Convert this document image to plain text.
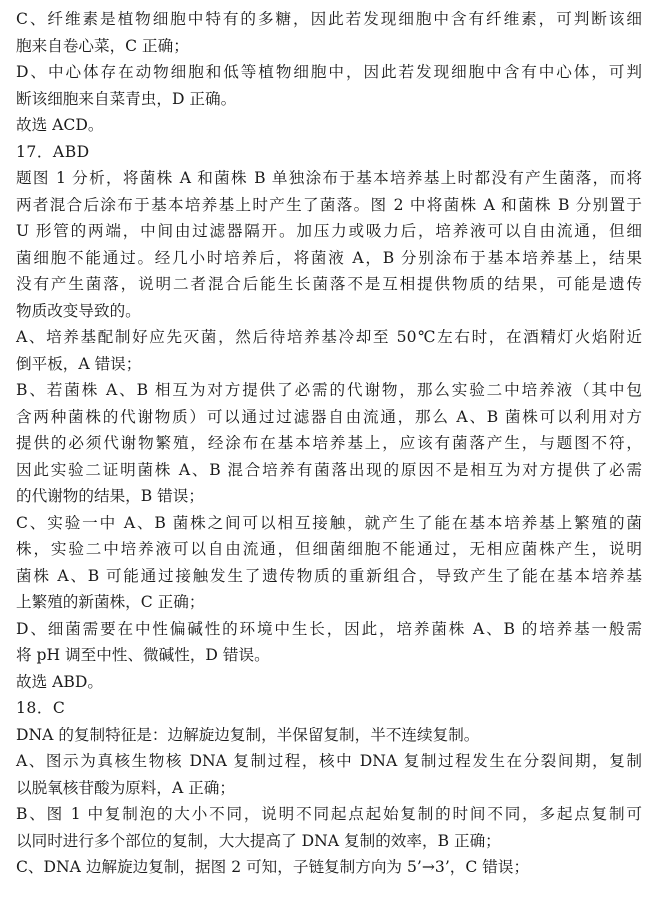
C、纤维素是植物细胞中特有的多糖，因此若发现细胞中含有纤维素，可判断该细
胞来自卷心菜，C 正确；
D、中心体存在动物细胞和低等植物细胞中，因此若发现细胞中含有中心体，可判
断该细胞来自菜青虫，D 正确。
故选 ACD。
17．ABD
题图 1 分析，将菌株 A 和菌株 B 单独涂布于基本培养基上时都没有产生菌落，而将
两者混合后涂布于基本培养基上时产生了菌落。图 2 中将菌株 A 和菌株 B 分别置于
U 形管的两端，中间由过滤器隔开。加压力或吸力后，培养液可以自由流通，但细
菌细胞不能通过。经几小时培养后，将菌液 A，B 分别涂布于基本培养基上，结果
没有产生菌落，说明二者混合后能生长菌落不是互相提供物质的结果，可能是遗传
物质改变导致的。
A、培养基配制好应先灭菌，然后待培养基冷却至 50℃左右时，在酒精灯火焰附近
倒平板，A 错误；
B、若菌株 A、B 相互为对方提供了必需的代谢物，那么实验二中培养液（其中包
含两种菌株的代谢物质）可以通过过滤器自由流通，那么 A、B 菌株可以利用对方
提供的必须代谢物繁殖，经涂布在基本培养基上，应该有菌落产生，与题图不符，
因此实验二证明菌株 A、B 混合培养有菌落出现的原因不是相互为对方提供了必需
的代谢物的结果，B 错误；
C、实验一中 A、B 菌株之间可以相互接触，就产生了能在基本培养基上繁殖的菌
株，实验二中培养液可以自由流通，但细菌细胞不能通过，无相应菌株产生，说明
菌株 A、B 可能通过接触发生了遗传物质的重新组合，导致产生了能在基本培养基
上繁殖的新菌株，C 正确；
D、细菌需要在中性偏碱性的环境中生长，因此，培养菌株 A、B 的培养基一般需
将 pH 调至中性、微碱性，D 错误。
故选 ABD。
18．C
DNA 的复制特征是：边解旋边复制，半保留复制，半不连续复制。
A、图示为真核生物核 DNA 复制过程，核中 DNA 复制过程发生在分裂间期，复制
以脱氧核苷酸为原料，A 正确；
B、图 1 中复制泡的大小不同，说明不同起点起始复制的时间不同，多起点复制可
以同时进行多个部位的复制，大大提高了 DNA 复制的效率，B 正确；
C、DNA 边解旋边复制，据图 2 可知，子链复制方向为 5’→3’，C 错误；
